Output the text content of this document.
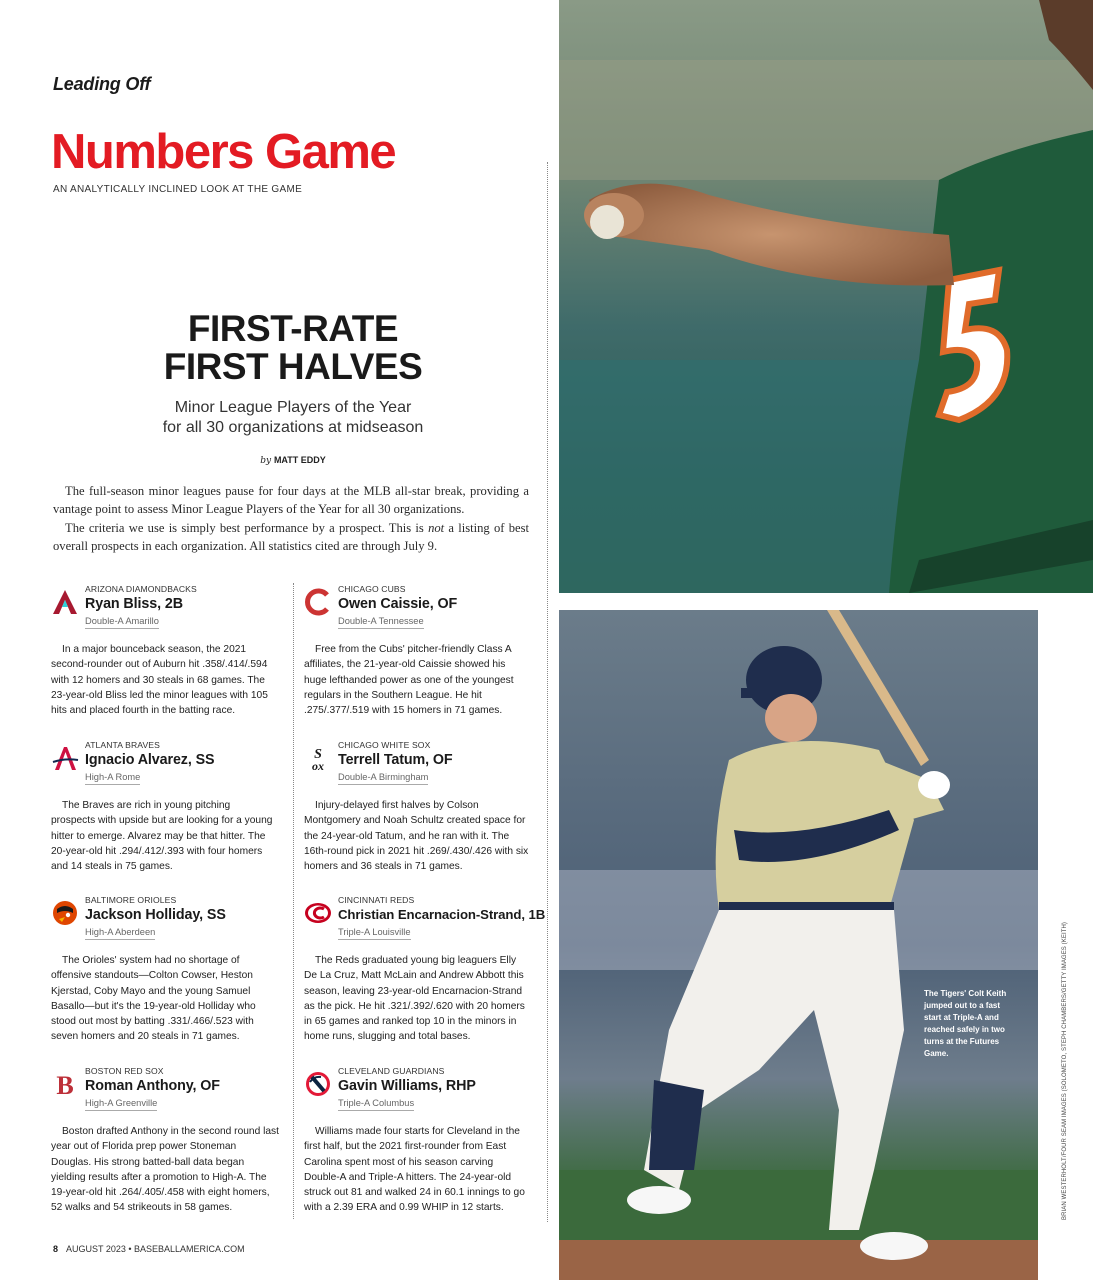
Leading Off
Numbers Game
AN ANALYTICALLY INCLINED LOOK AT THE GAME
FIRST-RATE
FIRST HALVES
Minor League Players of the Year
for all 30 organizations at midseason
by MATT EDDY

The full-season minor leagues pause for four days at the MLB all-star break, providing a vantage point to assess Minor League Players of the Year for all 30 organizations.

The criteria we use is simply best performance by a prospect. This is not a listing of best overall prospects in each organization. All statistics cited are through July 9.

ARIZONA DIAMONDBACKS
Ryan Bliss, 2B
Double-A Amarillo
In a major bounceback season, the 2021 second-rounder out of Auburn hit .358/.414/.594 with 12 homers and 30 steals in 68 games. The 23-year-old Bliss led the minor leagues with 105 hits and placed fourth in the batting race.
ATLANTA BRAVES
Ignacio Alvarez, SS
High-A Rome
The Braves are rich in young pitching prospects with upside but are looking for a young hitter to emerge. Alvarez may be that hitter. The 20-year-old hit .294/.412/.393 with four homers and 14 steals in 75 games.
BALTIMORE ORIOLES
Jackson Holliday, SS
High-A Aberdeen
The Orioles' system had no shortage of offensive standouts—Colton Cowser, Heston Kjerstad, Coby Mayo and the young Samuel Basallo—but it's the 19-year-old Holliday who stood out most by batting .331/.466/.523 with seven homers and 20 steals in 71 games.
B BOSTON RED SOX
Roman Anthony, OF
High-A Greenville
Boston drafted Anthony in the second round last year out of Florida prep power Stoneman Douglas. His strong batted-ball data began yielding results after a promotion to High-A. The 19-year-old hit .264/.405/.458 with eight homers, 52 walks and 54 strikeouts in 58 games.
CHICAGO CUBS
Owen Caissie, OF
Double-A Tennessee
Free from the Cubs' pitcher-friendly Class A affiliates, the 21-year-old Caissie showed his huge lefthanded power as one of the youngest regulars in the Southern League. He hit .275/.377/.519 with 15 homers in 71 games.
S
ox
CHICAGO WHITE SOX
Terrell Tatum, OF
Double-A Birmingham
Injury-delayed first halves by Colson Montgomery and Noah Schultz created space for the 24-year-old Tatum, and he ran with it. The 16th-round pick in 2021 hit .269/.430/.426 with six homers and 36 steals in 71 games.
CINCINNATI REDS
Christian Encarnacion-Strand, 1B
Triple-A Louisville
The Reds graduated young big leaguers Elly De La Cruz, Matt McLain and Andrew Abbott this season, leaving 23-year-old Encarnacion-Strand as the pick. He hit .321/.392/.620 with 20 homers in 65 games and ranked top 10 in the minors in home runs, slugging and total bases.
CLEVELAND GUARDIANS
Gavin Williams, RHP
Triple-A Columbus
Williams made four starts for Cleveland in the first half, but the 2021 first-rounder from East Carolina spent most of his season carving Double-A and Triple-A hitters. The 24-year-old struck out 81 and walked 24 in 60.1 innings to go with a 2.39 ERA and 0.99 WHIP in 12 starts.
The Tigers' Colt Keith jumped out to a fast start at Triple-A and reached safely in two turns at the Futures Game.	BRIAN WESTERHOLT/FOUR SEAM IMAGES (SOLOMETO, STEPH CHAMBERS/GETTY IMAGES (KEITH)
8 AUGUST 2023 • BASEBALLAMERICA.COM
